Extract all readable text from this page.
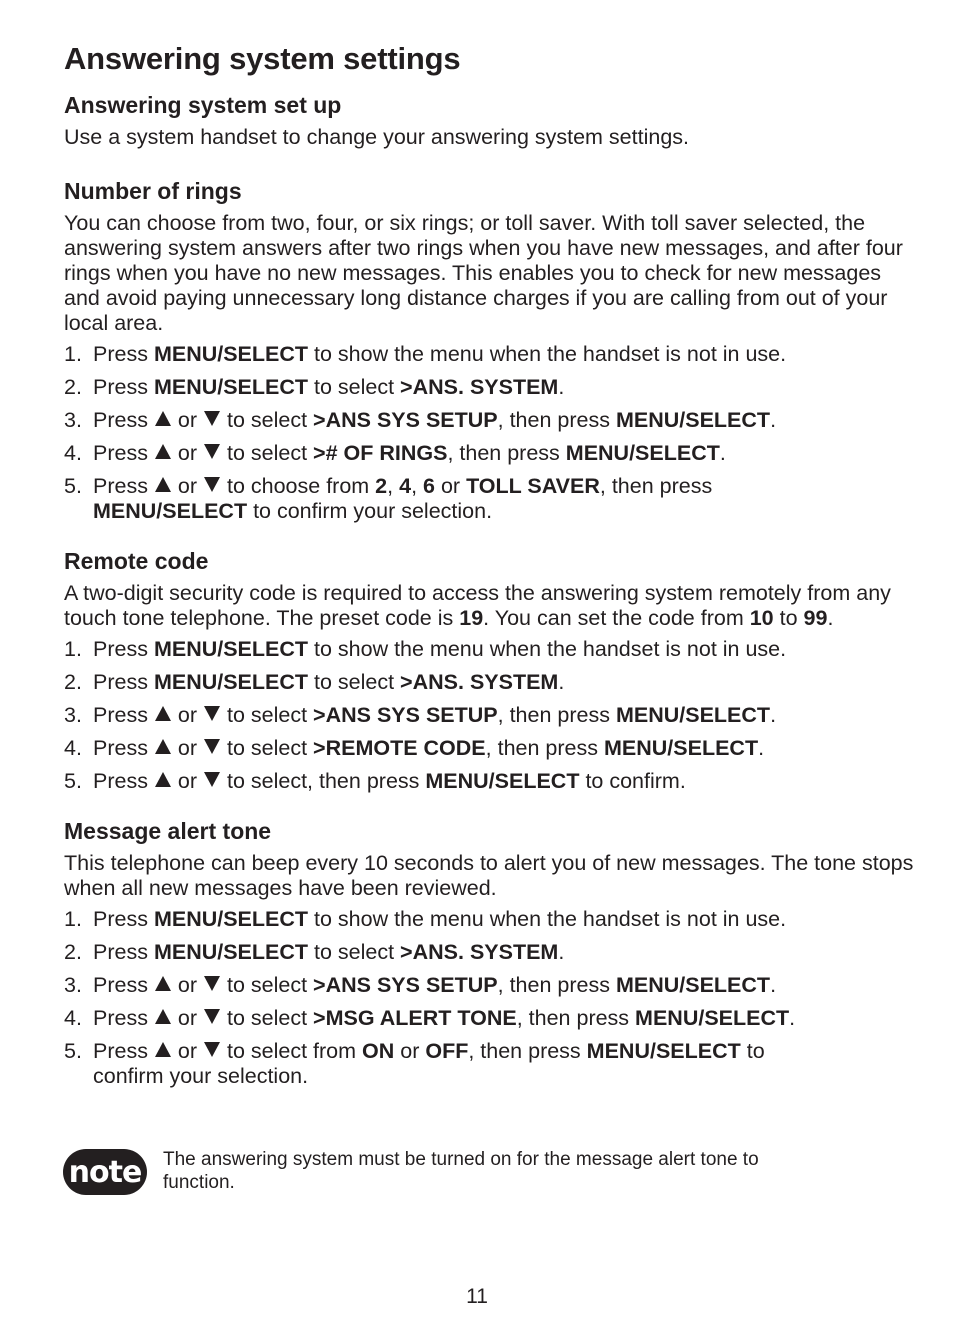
Answering system settings
Answering system set up

Use a system handset to change your answering system settings.

Number of rings

You can choose from two, four, or six rings; or toll saver. With toll saver selected, the answering system answers after two rings when you have new messages, and after four rings when you have no new messages. This enables you to check for new messages and avoid paying unnecessary long distance charges if you are calling from out of your local area.

1. Press MENU/SELECT to show the menu when the handset is not in use.
2. Press MENU/SELECT to select >ANS. SYSTEM.
3. Press  or  to select >ANS SYS SETUP, then press MENU/SELECT.
4. Press  or  to select ># OF RINGS, then press MENU/SELECT.
5. Press  or  to choose from 2, 4, 6 or TOLL SAVER, then press
MENU/SELECT to confirm your selection.
Remote code

A two-digit security code is required to access the answering system remotely from any touch tone telephone. The preset code is 19. You can set the code from 10 to 99.

1. Press MENU/SELECT to show the menu when the handset is not in use.
2. Press MENU/SELECT to select >ANS. SYSTEM.
3. Press  or  to select >ANS SYS SETUP, then press MENU/SELECT.
4. Press  or  to select >REMOTE CODE, then press MENU/SELECT.
5. Press  or  to select, then press MENU/SELECT to confirm.
Message alert tone

This telephone can beep every 10 seconds to alert you of new messages. The tone stops when all new messages have been reviewed.

1. Press MENU/SELECT to show the menu when the handset is not in use.
2. Press MENU/SELECT to select >ANS. SYSTEM.
3. Press  or  to select >ANS SYS SETUP, then press MENU/SELECT.
4. Press  or  to select >MSG ALERT TONE, then press MENU/SELECT.
5. Press  or  to select from ON or OFF, then press MENU/SELECT to
confirm your selection.
note The answering system must be turned on for the message alert tone to function.
11
